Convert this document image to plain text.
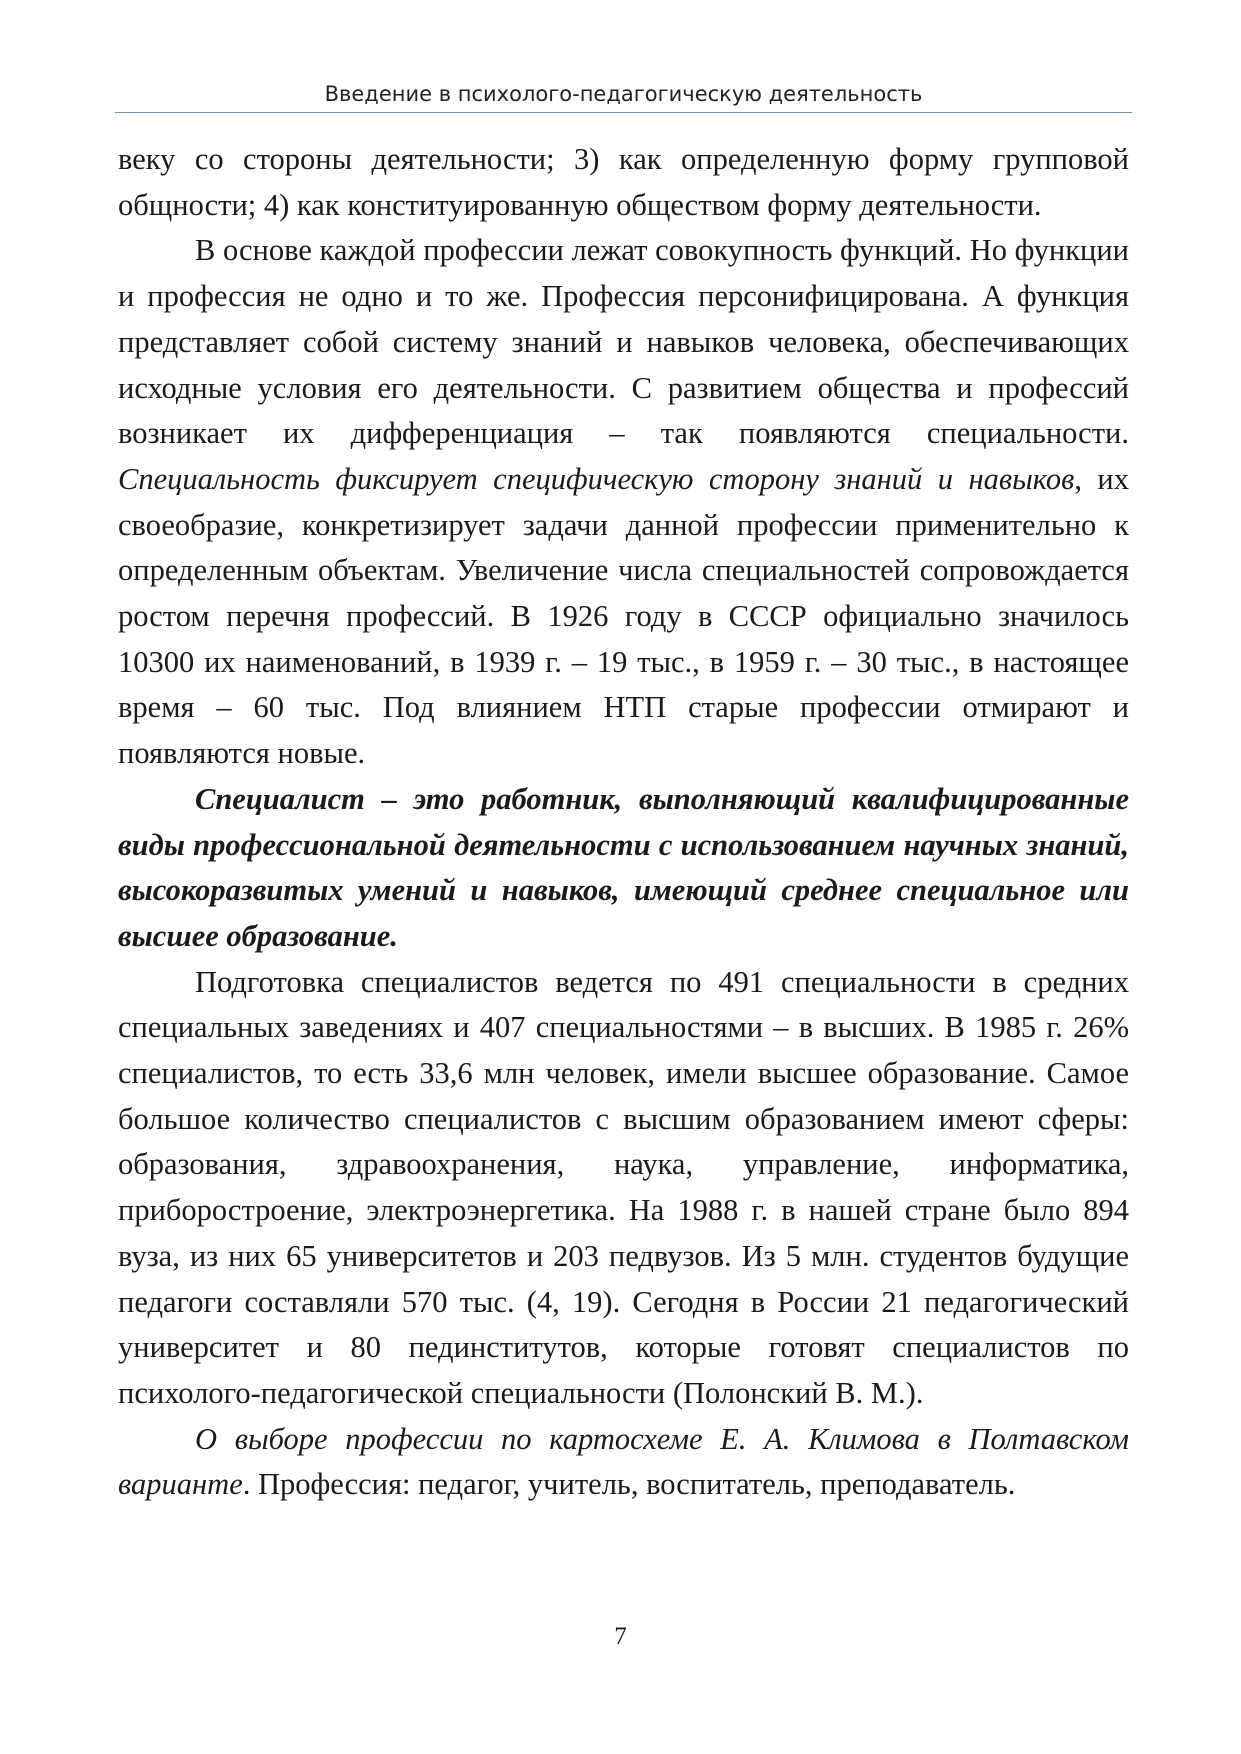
Введение в психолого-педагогическую деятельность

веку со стороны деятельности; 3) как определенную форму групповой общности; 4) как конституированную обществом форму деятельности.

В основе каждой профессии лежат совокупность функций. Но функции и профессия не одно и то же. Профессия персонифицирована. А функция представляет собой систему знаний и навыков человека, обеспечивающих исходные условия его деятельности. С развитием общества и профессий возникает их дифференциация – так появляются специальности. Специальность фиксирует специфическую сторону знаний и навыков, их своеобразие, конкретизирует задачи данной профессии применительно к определенным объектам. Увеличение числа специальностей сопровождается ростом перечня профессий. В 1926 году в СССР официально значилось 10300 их наименований, в 1939 г. – 19 тыс., в 1959 г. – 30 тыс., в настоящее время – 60 тыс. Под влиянием НТП старые профессии отмирают и появляются новые.

Специалист – это работник, выполняющий квалифицированные виды профессиональной деятельности с использованием научных знаний, высокоразвитых умений и навыков, имеющий среднее специальное или высшее образование.

Подготовка специалистов ведется по 491 специальности в средних специальных заведениях и 407 специальностями – в высших. В 1985 г. 26% специалистов, то есть 33,6 млн человек, имели высшее образование. Самое большое количество специалистов с высшим образованием имеют сферы: образования, здравоохранения, наука, управление, информатика, приборостроение, электроэнергетика. На 1988 г. в нашей стране было 894 вуза, из них 65 университетов и 203 педвузов. Из 5 млн. студентов будущие педагоги составляли 570 тыс. (4, 19). Сегодня в России 21 педагогический университет и 80 пединститутов, которые готовят специалистов по психолого-педагогической специальности (Полонский В. М.).

О выборе профессии по картосхеме Е. А. Климова в Полтавском варианте. Профессия: педагог, учитель, воспитатель, преподаватель.

7
